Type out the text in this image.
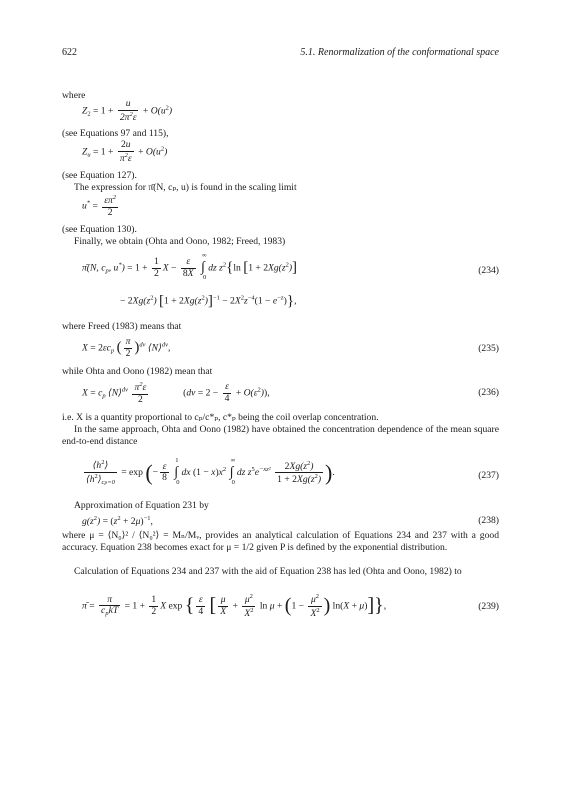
622	5.1. Renormalization of the conformational space
where
$Z_2 = 1 + \frac{u}{2\pi^2\varepsilon} + O(u^2)$
(see Equations 97 and 115),
$Z_u = 1 + \frac{2u}{\pi^2\varepsilon} + O(u^2)$
(see Equation 127).
The expression for π̄(N, cₚ, u) is found in the scaling limit
$u^* = \frac{\varepsilon\pi^2}{2}$
(see Equation 130).
Finally, we obtain (Ohta and Oono, 1982; Freed, 1983)
π̄(N, $c_p$, $u^*) = 1 + \frac{1}{2}$ $X - \frac{\varepsilon}{8X}$ ∫
∞
0
dz $z^2\{\ln$ $[1 + 2Xg(z^2)]$	(234)
− $2Xg(z^2) [1 + 2Xg(z^2)]^{-1} - 2X^2z^{-4}(1 - e^{-z})$},
where Freed (1983) means that
$X = 2\varepsilon c_p$ ( $\frac{\pi}{2} )^{d\nu}$ ⟨N⟩$^{d\nu}$,	(235)
while Ohta and Oono (1982) mean that
$X = c_p$ ⟨N⟩$^{d\nu}$ $\frac{\pi^2\varepsilon}{2}$	$(d\nu = 2 - \frac{\varepsilon}{4} + O(\varepsilon^2))$,	(236)
i.e. X is a quantity proportional to cₚ/c*ₚ, c*ₚ being the coil overlap concentration.
In the same approach, Ohta and Oono (1982) have obtained the concentration dependence of the mean square end-to-end distance
$\frac{⟨h^2⟩}{⟨h^2⟩_{cp=0}} = \exp$ (− $\frac{\varepsilon}{8}$ ∫
1
0
dx $(1 - x)x^2$ ∫
∞
0
dz $z^5e^{-xz^2} \frac{2Xg(z^2)}{1 + 2Xg(z^2)}$ ).	(237)
Approximation of Equation 231 by
$g(z^2) = (z^2 + 2\mu)^{-1}$,	(238)
where μ = ⟨N₀⟩² / ⟨N₀²⟩ = Mₙ/Mᵥ, provides an analytical calculation of Equations 234 and 237 with a good accuracy. Equation 238 becomes exact for μ = 1/2 given P is defined by the exponential distribution.
Calculation of Equations 234 and 237 with the aid of Equation 238 has led (Ohta and Oono, 1982) to
π̄ = $\frac{\pi}{c_pkT} = 1 + \frac{1}{2}$ X exp { $\frac{\varepsilon}{4}$ [ $\frac{\mu}{X} + \frac{\mu^2}{X^2}$ $\ln \mu + (1 - \frac{\mu^2}{X^2}$ ) ln(X + μ)]},	(239)
